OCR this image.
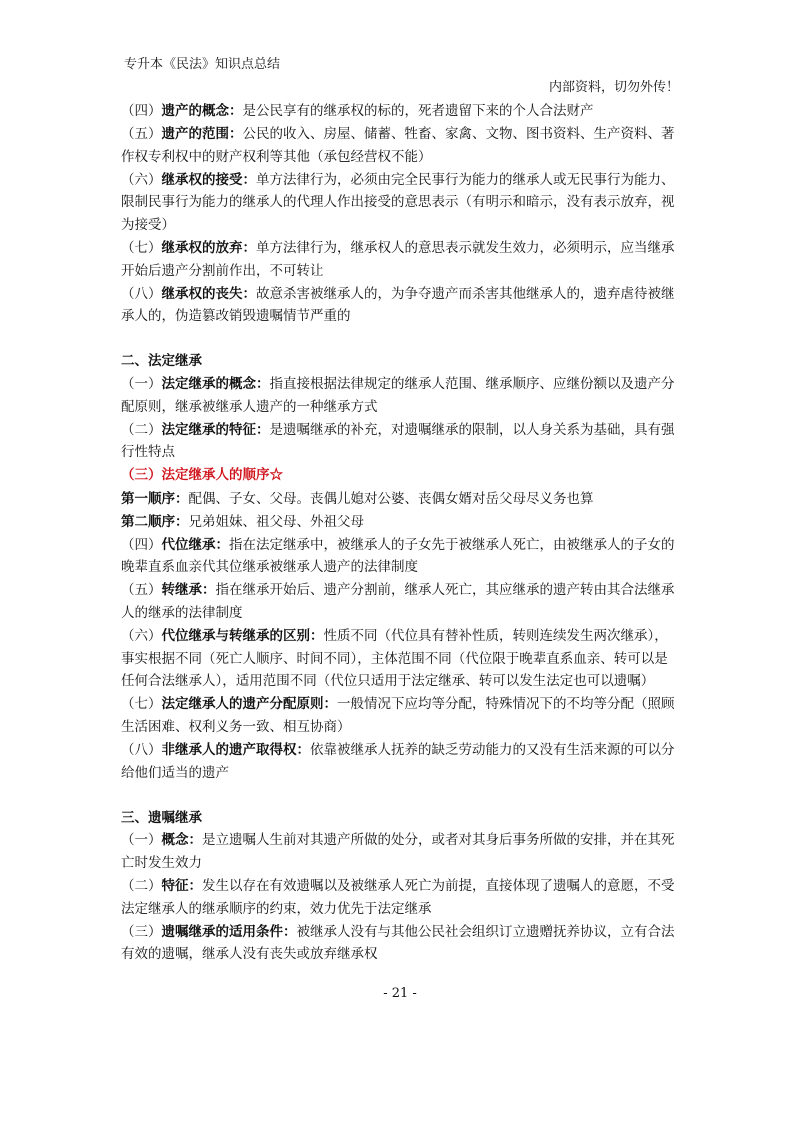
专升本《民法》知识点总结
内部资料，切勿外传！

（四）遗产的概念：是公民享有的继承权的标的，死者遗留下来的个人合法财产

（五）遗产的范围：公民的收入、房屋、储蓄、牲畜、家禽、文物、图书资料、生产资料、著作权专利权中的财产权利等其他（承包经营权不能）

（六）继承权的接受：单方法律行为，必须由完全民事行为能力的继承人或无民事行为能力、限制民事行为能力的继承人的代理人作出接受的意思表示（有明示和暗示，没有表示放弃，视为接受）

（七）继承权的放弃：单方法律行为，继承权人的意思表示就发生效力，必须明示，应当继承开始后遗产分割前作出，不可转让

（八）继承权的丧失：故意杀害被继承人的，为争夺遗产而杀害其他继承人的，遗弃虐待被继承人的，伪造篡改销毁遗嘱情节严重的

二、法定继承

（一）法定继承的概念：指直接根据法律规定的继承人范围、继承顺序、应继份额以及遗产分配原则，继承被继承人遗产的一种继承方式

（二）法定继承的特征：是遗嘱继承的补充，对遗嘱继承的限制，以人身关系为基础，具有强行性特点

（三）法定继承人的顺序☆

第一顺序：配偶、子女、父母。丧偶儿媳对公婆、丧偶女婿对岳父母尽义务也算

第二顺序：兄弟姐妹、祖父母、外祖父母

（四）代位继承：指在法定继承中，被继承人的子女先于被继承人死亡，由被继承人的子女的晚辈直系血亲代其位继承被继承人遗产的法律制度

（五）转继承：指在继承开始后、遗产分割前，继承人死亡，其应继承的遗产转由其合法继承人的继承的法律制度

（六）代位继承与转继承的区别：性质不同（代位具有替补性质，转则连续发生两次继承），事实根据不同（死亡人顺序、时间不同），主体范围不同（代位限于晚辈直系血亲、转可以是任何合法继承人），适用范围不同（代位只适用于法定继承、转可以发生法定也可以遗嘱）

（七）法定继承人的遗产分配原则：一般情况下应均等分配，特殊情况下的不均等分配（照顾生活困难、权利义务一致、相互协商）

（八）非继承人的遗产取得权：依靠被继承人抚养的缺乏劳动能力的又没有生活来源的可以分给他们适当的遗产

三、遗嘱继承

（一）概念：是立遗嘱人生前对其遗产所做的处分，或者对其身后事务所做的安排，并在其死亡时发生效力

（二）特征：发生以存在有效遗嘱以及被继承人死亡为前提，直接体现了遗嘱人的意愿，不受法定继承人的继承顺序的约束，效力优先于法定继承

（三）遗嘱继承的适用条件：被继承人没有与其他公民社会组织订立遗赠抚养协议，立有合法有效的遗嘱，继承人没有丧失或放弃继承权

- 21 -
